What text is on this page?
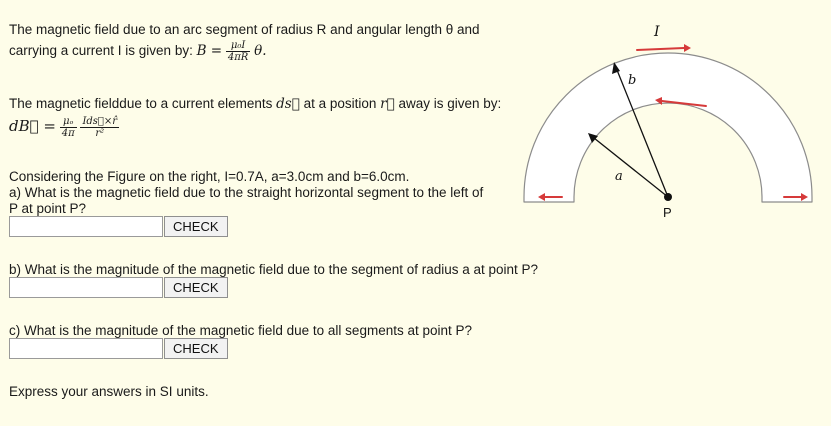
The magnetic field due to an arc segment of radius R and angular length θ and
carrying a current I is given by: $B = \frac{\text{μ₀I}}{4\pi R} \theta$.
The magnetic fielddue to a current elements ds⃗ at a position r⃗ away is given by:
dB⃗ = $\frac{\text{μₒ}}{4\pi}$
$\frac{\text{Ids⃗×r̂}}{\text{r²}}$
Considering the Figure on the right, I=0.7A, a=3.0cm and b=6.0cm.
a) What is the magnetic field due to the straight horizontal segment to the left of
P at point P?
CHECK
b) What is the magnitude of the magnetic field due to the segment of radius a at point P?
CHECK
c) What is the magnitude of the magnetic field due to all segments at point P?
CHECK
Express your answers in SI units.
I
b
a
P
